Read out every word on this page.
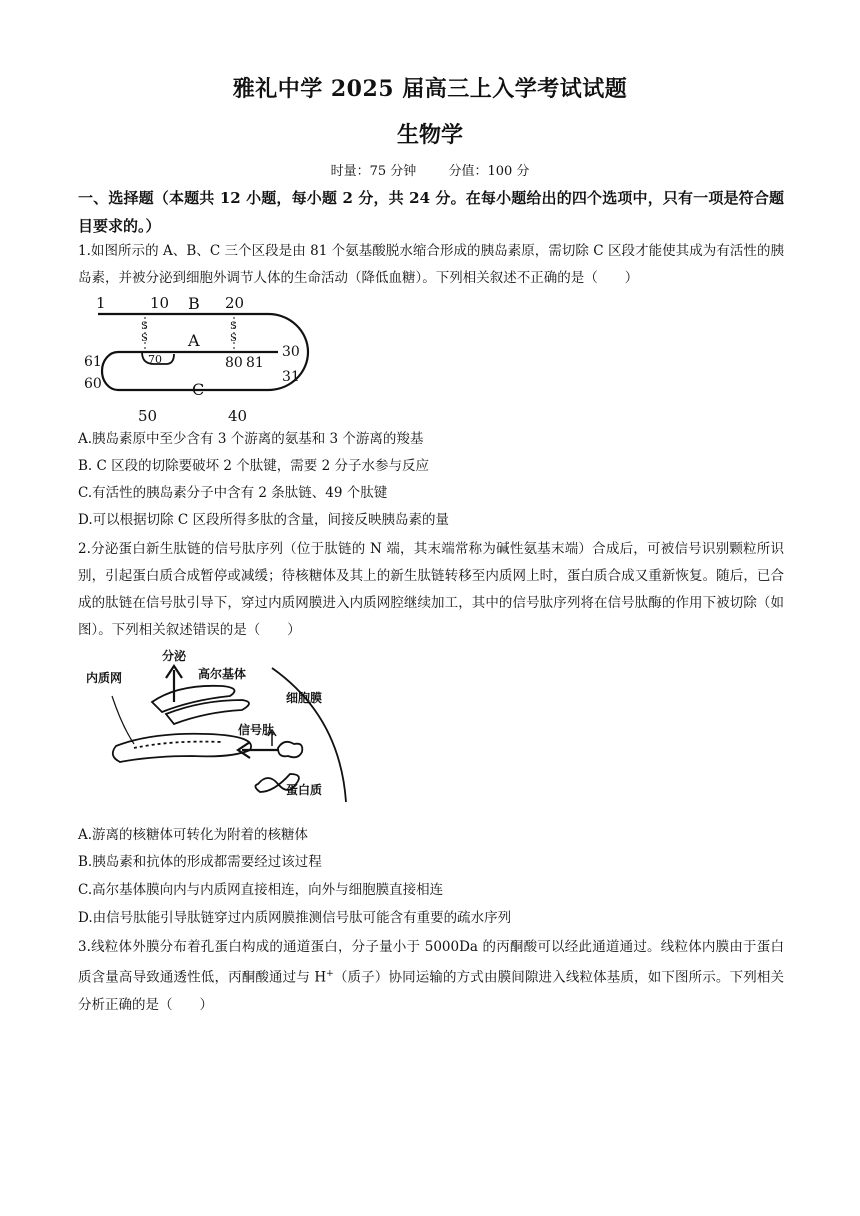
雅礼中学 2025 届高三上入学考试试题
生物学
时量：75 分钟 分值：100 分
一、选择题（本题共 12 小题，每小题 2 分，共 24 分。在每小题给出的四个选项中，只有一项是符合题目要求的。）
1.如图所示的 A、B、C 三个区段是由 81 个氨基酸脱水缩合形成的胰岛素原，需切除 C 区段才能使其成为有活性的胰岛素，并被分泌到细胞外调节人体的生命活动（降低血糖）。下列相关叙述不正确的是（　　）
1	10 B 20
A
70	80 81
30
31
61
60	C
50	40
S
S
S
S
A.胰岛素原中至少含有 3 个游离的氨基和 3 个游离的羧基
B. C 区段的切除要破坏 2 个肽键，需要 2 分子水参与反应
C.有活性的胰岛素分子中含有 2 条肽链、49 个肽键
D.可以根据切除 C 区段所得多肽的含量，间接反映胰岛素的量
2.分泌蛋白新生肽链的信号肽序列（位于肽链的 N 端，其末端常称为碱性氨基末端）合成后，可被信号识别颗粒所识别，引起蛋白质合成暂停或减缓；待核糖体及其上的新生肽链转移至内质网上时，蛋白质合成又重新恢复。随后，已合成的肽链在信号肽引导下，穿过内质网膜进入内质网腔继续加工，其中的信号肽序列将在信号肽酶的作用下被切除（如图）。下列相关叙述错误的是（　　）
分泌
高尔基体
内质网
细胞膜
信号肽
蛋白质
A.游离的核糖体可转化为附着的核糖体
B.胰岛素和抗体的形成都需要经过该过程
C.高尔基体膜向内与内质网直接相连，向外与细胞膜直接相连
D.由信号肽能引导肽链穿过内质网膜推测信号肽可能含有重要的疏水序列
3.线粒体外膜分布着孔蛋白构成的通道蛋白，分子量小于 5000Da 的丙酮酸可以经此通道通过。线粒体内膜由于蛋白质含量高导致通透性低，丙酮酸通过与 H+（质子）协同运输的方式由膜间隙进入线粒体基质，如下图所示。下列相关分析正确的是（　　）
